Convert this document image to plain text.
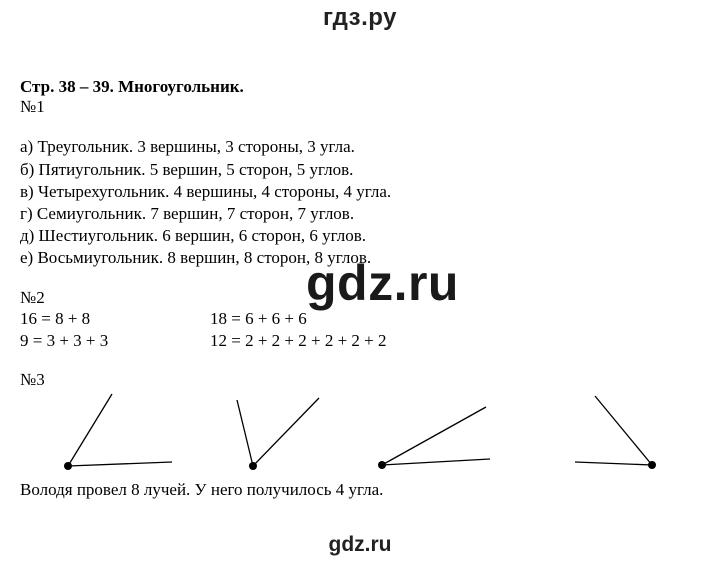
гдз.ру
Стр. 38 – 39. Многоугольник.
№1
а) Треугольник. 3 вершины, 3 стороны, 3 угла.
б) Пятиугольник. 5 вершин, 5 сторон, 5 углов.
в) Четырехугольник. 4 вершины, 4 стороны, 4 угла.
г) Семиугольник. 7 вершин, 7 сторон, 7 углов.
д) Шестиугольник. 6 вершин, 6 сторон, 6 углов.
е) Восьмиугольник. 8 вершин, 8 сторон, 8 углов.
gdz.ru
№2
16 = 8 + 8
9 = 3 + 3 + 3
18 = 6 + 6 + 6
12 = 2 + 2 + 2 + 2 + 2 + 2
№3
Володя провел 8 лучей. У него получилось 4 угла.
gdz.ru
